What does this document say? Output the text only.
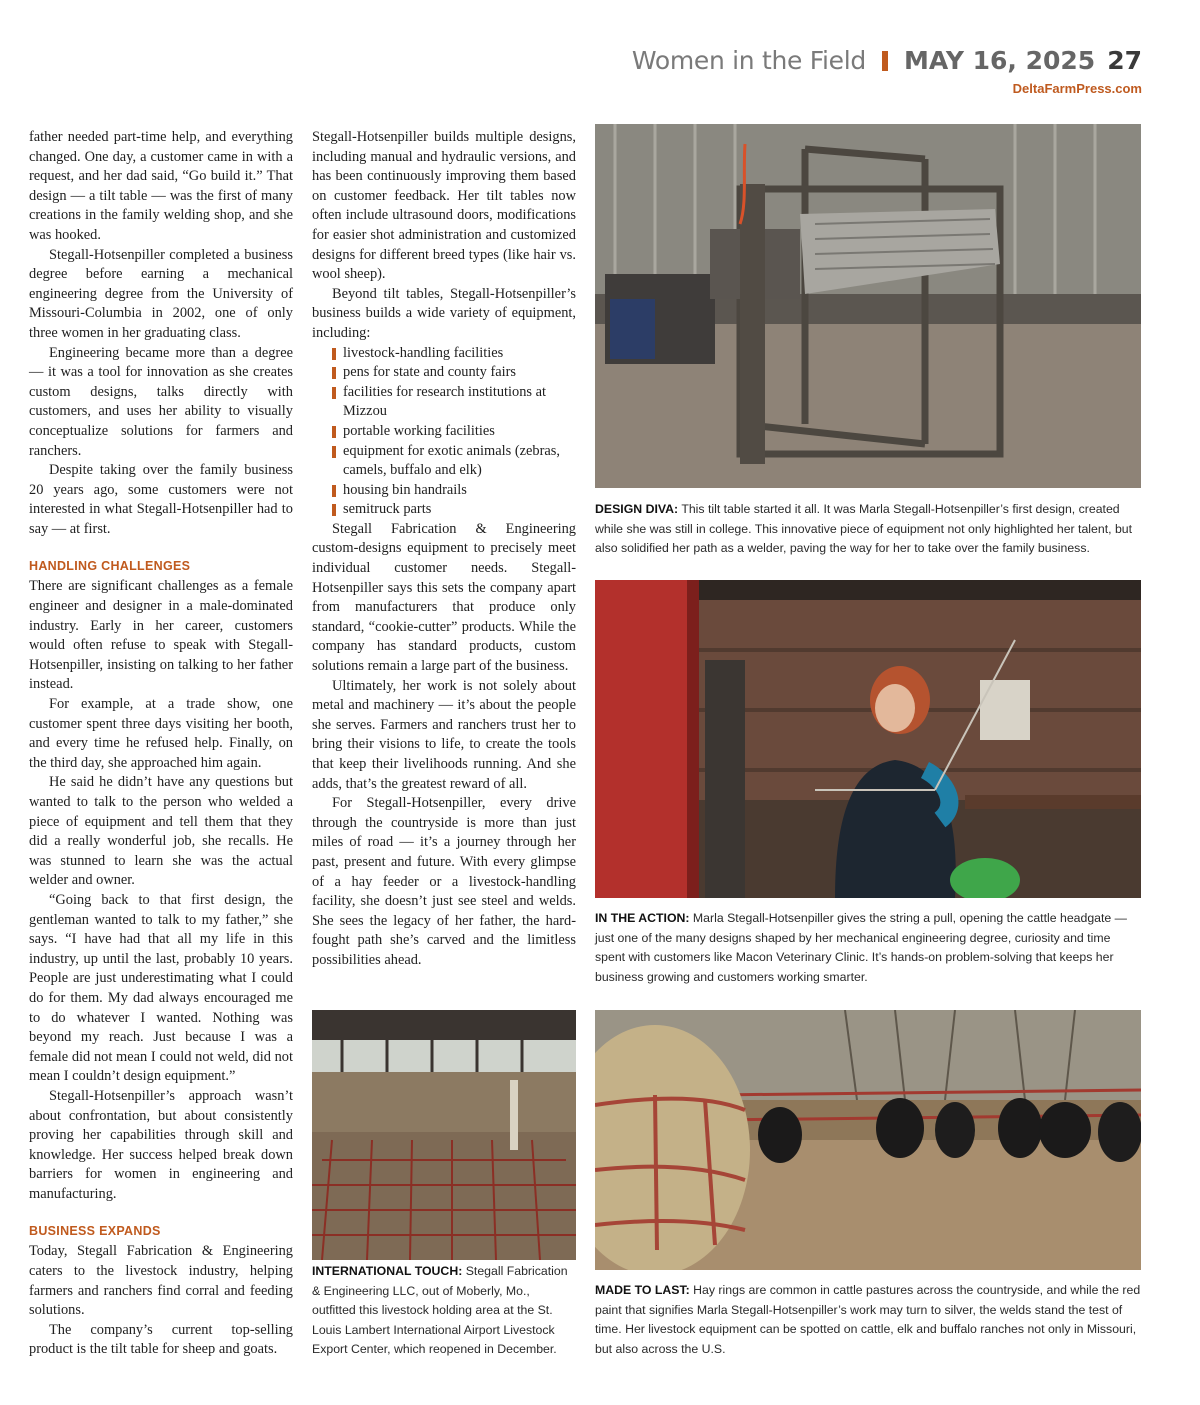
Women in the Field MAY 16, 2025 27
DeltaFarmPress.com

father needed part-time help, and everything changed. One day, a customer came in with a request, and her dad said, “Go build it.” That design — a tilt table — was the first of many creations in the family welding shop, and she was hooked.

Stegall-Hotsenpiller completed a business degree before earning a mechanical engineering degree from the University of Missouri-Columbia in 2002, one of only three women in her graduating class.

Engineering became more than a degree — it was a tool for innovation as she creates custom designs, talks directly with customers, and uses her ability to visually conceptualize solutions for farmers and ranchers.

Despite taking over the family business 20 years ago, some customers were not interested in what Stegall-Hotsenpiller had to say — at first.

HANDLING CHALLENGES

There are significant challenges as a female engineer and designer in a male-dominated industry. Early in her career, customers would often refuse to speak with Stegall-Hotsenpiller, insisting on talking to her father instead.

For example, at a trade show, one customer spent three days visiting her booth, and every time he refused help. Finally, on the third day, she approached him again.

He said he didn’t have any questions but wanted to talk to the person who welded a piece of equipment and tell them that they did a really wonderful job, she recalls. He was stunned to learn she was the actual welder and owner.

“Going back to that first design, the gentleman wanted to talk to my father,” she says. “I have had that all my life in this industry, up until the last, probably 10 years. People are just underestimating what I could do for them. My dad always encouraged me to do whatever I wanted. Nothing was beyond my reach. Just because I was a female did not mean I could not weld, did not mean I couldn’t design equipment.”

Stegall-Hotsenpiller’s approach wasn’t about confrontation, but about consistently proving her capabilities through skill and knowledge. Her success helped break down barriers for women in engineering and manufacturing.

BUSINESS EXPANDS

Today, Stegall Fabrication & Engineering caters to the livestock industry, helping farmers and ranchers find corral and feeding solutions.

The company’s current top-selling product is the tilt table for sheep and goats.

Stegall-Hotsenpiller builds multiple designs, including manual and hydraulic versions, and has been continuously improving them based on customer feedback. Her tilt tables now often include ultrasound doors, modifications for easier shot administration and customized designs for different breed types (like hair vs. wool sheep).

Beyond tilt tables, Stegall-Hotsenpiller’s business builds a wide variety of equipment, including:

livestock-handling facilities
pens for state and county fairs
facilities for research institutions at Mizzou
portable working facilities
equipment for exotic animals (zebras, camels, buffalo and elk)
housing bin handrails
semitruck parts

Stegall Fabrication & Engineering custom-designs equipment to precisely meet individual customer needs. Stegall-Hotsenpiller says this sets the company apart from manufacturers that produce only standard, “cookie-cutter” products. While the company has standard products, custom solutions remain a large part of the business.

Ultimately, her work is not solely about metal and machinery — it’s about the people she serves. Farmers and ranchers trust her to bring their visions to life, to create the tools that keep their livelihoods running. And she adds, that’s the greatest reward of all.

For Stegall-Hotsenpiller, every drive through the countryside is more than just miles of road — it’s a journey through her past, present and future. With every glimpse of a hay feeder or a livestock-handling facility, she doesn’t just see steel and welds. She sees the legacy of her father, the hard-fought path she’s carved and the limitless possibilities ahead.

DESIGN DIVA: This tilt table started it all. It was Marla Stegall-Hotsenpiller’s first design, created while she was still in college. This innovative piece of equipment not only highlighted her talent, but also solidified her path as a welder, paving the way for her to take over the family business.
IN THE ACTION: Marla Stegall-Hotsenpiller gives the string a pull, opening the cattle headgate — just one of the many designs shaped by her mechanical engineering degree, curiosity and time spent with customers like Macon Veterinary Clinic. It’s hands-on problem-solving that keeps her business growing and customers working smarter.
INTERNATIONAL TOUCH: Stegall Fabrication & Engineering LLC, out of Moberly, Mo., outfitted this livestock holding area at the St. Louis Lambert International Airport Livestock Export Center, which reopened in December.
MADE TO LAST: Hay rings are common in cattle pastures across the countryside, and while the red paint that signifies Marla Stegall-Hotsenpiller’s work may turn to silver, the welds stand the test of time. Her livestock equipment can be spotted on cattle, elk and buffalo ranches not only in Missouri, but also across the U.S.
